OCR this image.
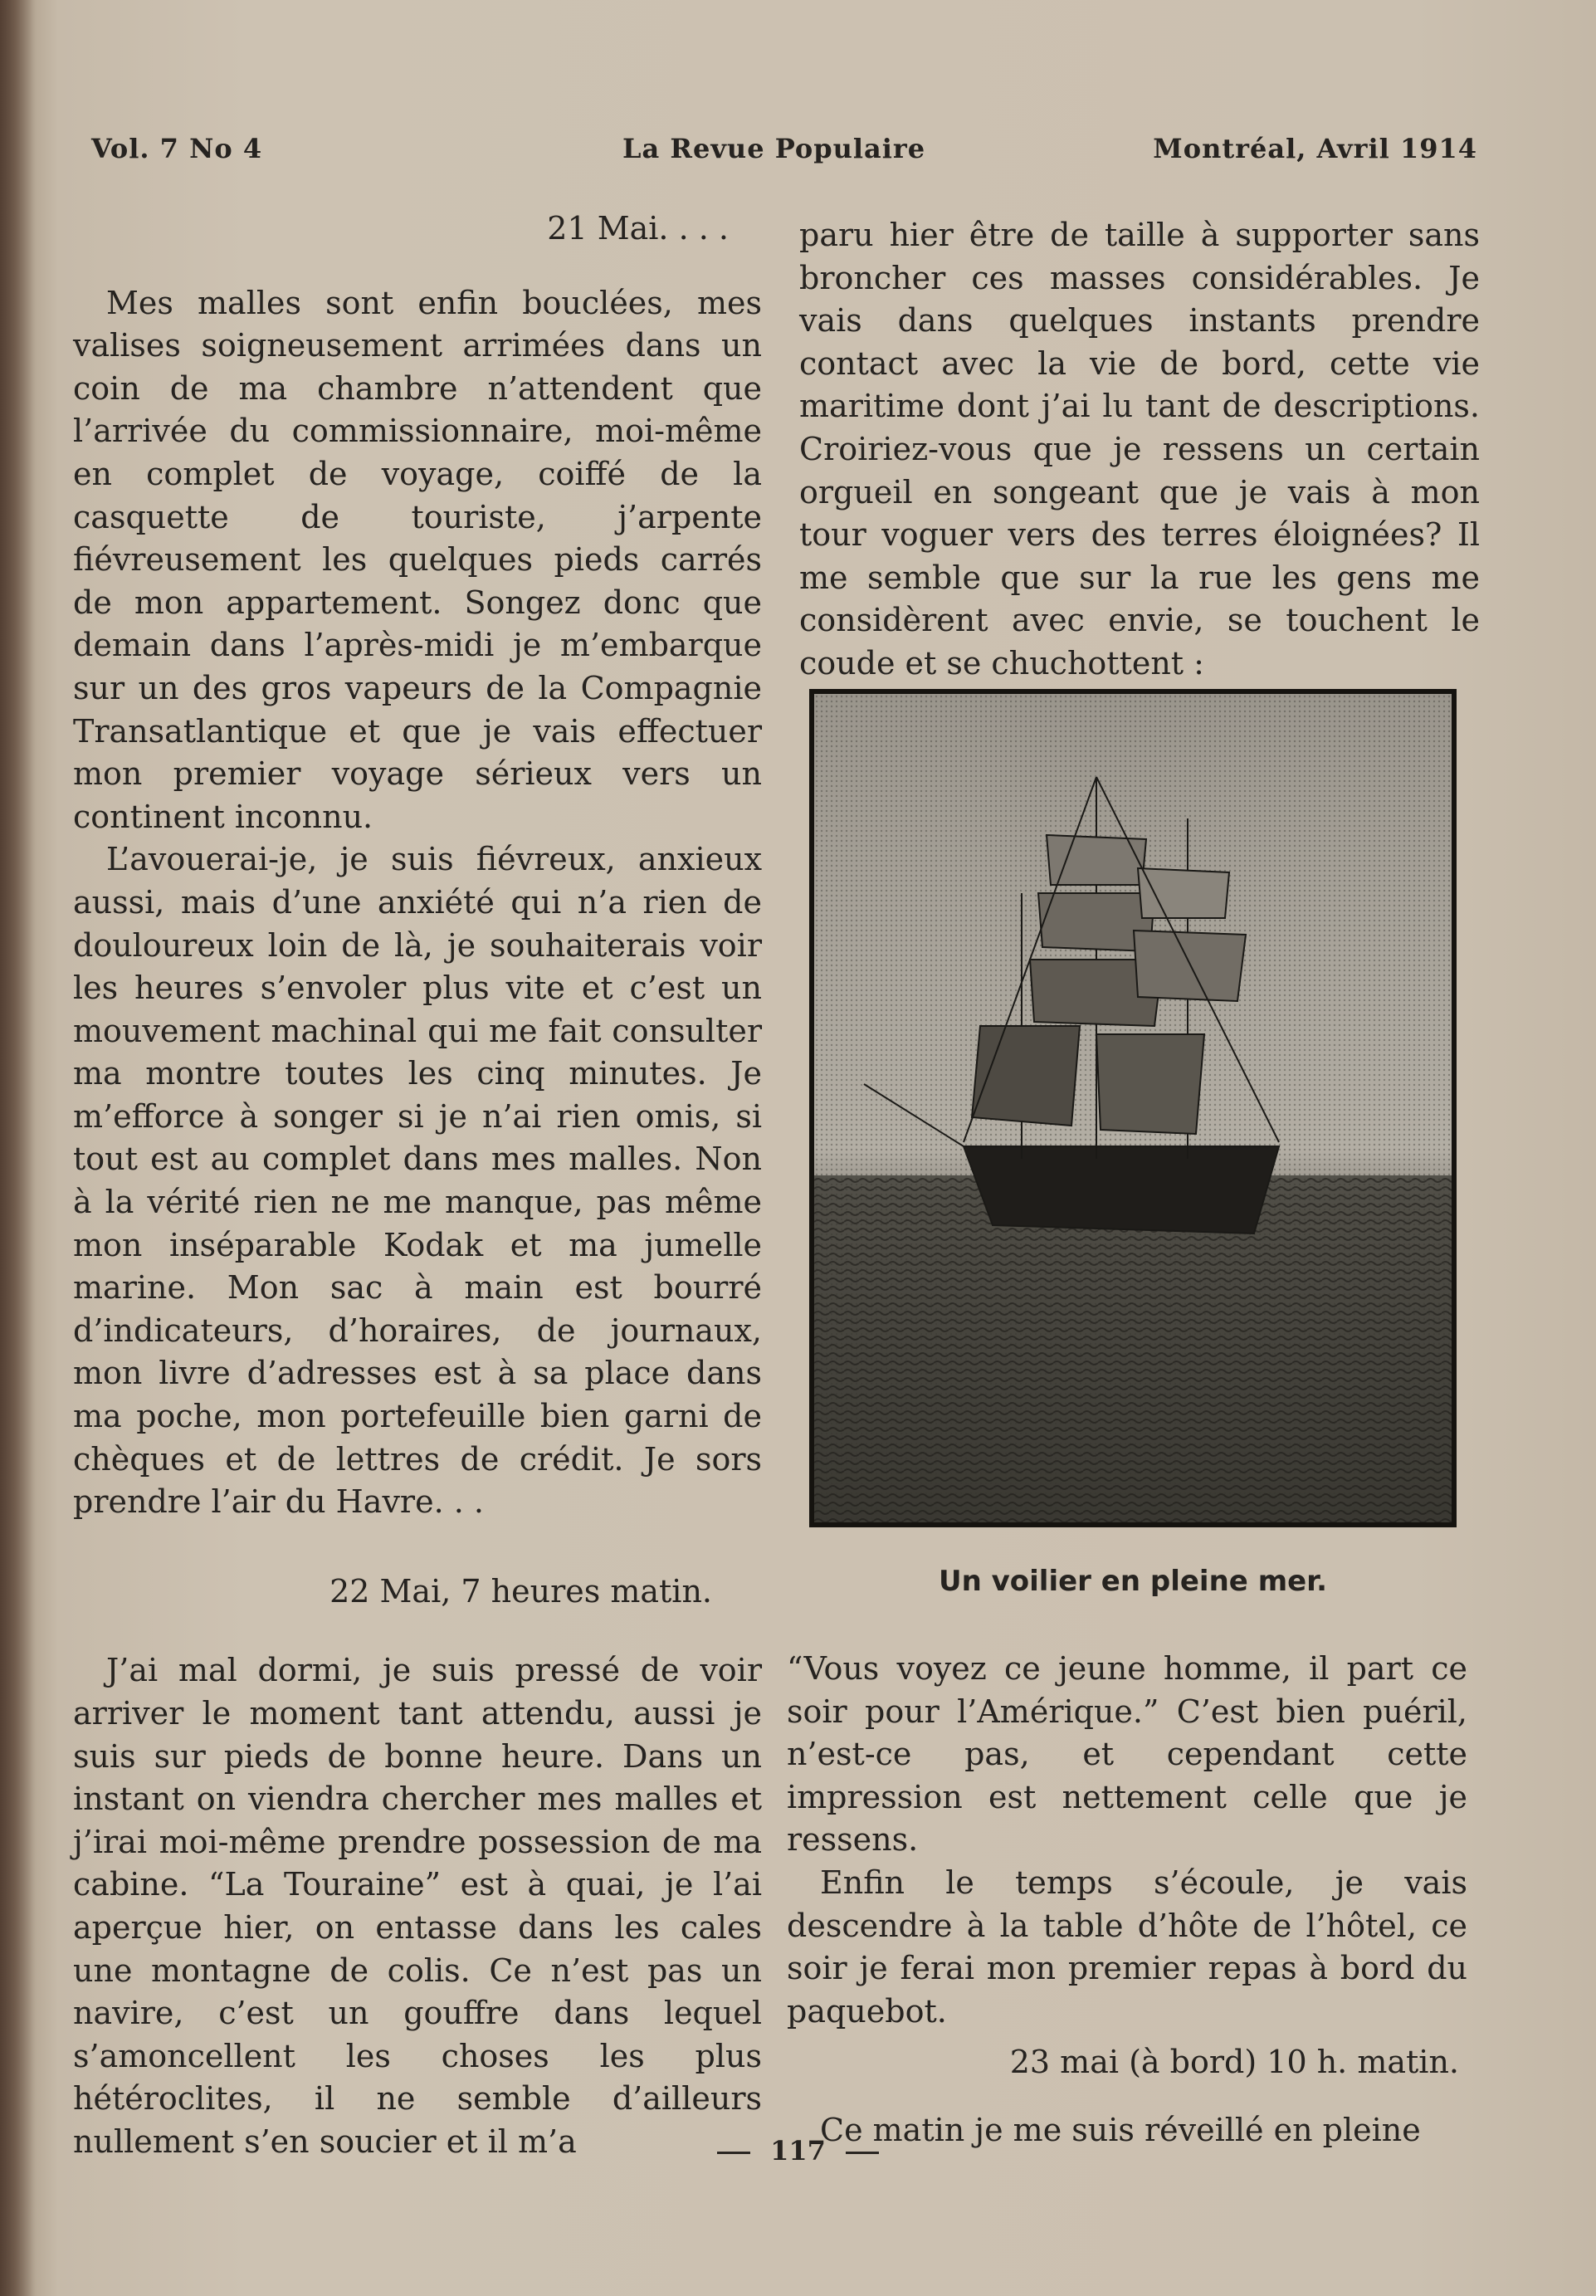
Vol. 7 No 4	La Revue Populaire	Montréal, Avril 1914

21 Mai. . . .

Mes malles sont enfin bouclées, mes valises soigneusement arrimées dans un coin de ma chambre n’attendent que l’arrivée du commissionnaire, moi-même en complet de voyage, coiffé de la casquette de touriste, j’arpente fiévreusement les quelques pieds carrés de mon appartement. Songez donc que demain dans l’après-midi je m’embarque sur un des gros vapeurs de la Compagnie Transatlantique et que je vais effectuer mon premier voyage sérieux vers un continent inconnu.

L’avouerai-je, je suis fiévreux, anxieux aussi, mais d’une anxiété qui n’a rien de douloureux loin de là, je souhaiterais voir les heures s’envoler plus vite et c’est un mouvement machinal qui me fait consulter ma montre toutes les cinq minutes. Je m’efforce à songer si je n’ai rien omis, si tout est au complet dans mes malles. Non à la vérité rien ne me manque, pas même mon inséparable Kodak et ma jumelle marine. Mon sac à main est bourré d’indicateurs, d’horaires, de journaux, mon livre d’adresses est à sa place dans ma poche, mon portefeuille bien garni de chèques et de lettres de crédit. Je sors prendre l’air du Havre. . .

22 Mai, 7 heures matin.

J’ai mal dormi, je suis pressé de voir arriver le moment tant attendu, aussi je suis sur pieds de bonne heure. Dans un instant on viendra chercher mes malles et j’irai moi-même prendre possession de ma cabine. “La Touraine” est à quai, je l’ai aperçue hier, on entasse dans les cales une montagne de colis. Ce n’est pas un navire, c’est un gouffre dans lequel s’amoncellent les choses les plus hétéroclites, il ne semble d’ailleurs nullement s’en soucier et il m’a

paru hier être de taille à supporter sans broncher ces masses considérables. Je vais dans quelques instants prendre contact avec la vie de bord, cette vie maritime dont j’ai lu tant de descriptions. Croiriez-vous que je ressens un certain orgueil en songeant que je vais à mon tour voguer vers des terres éloignées? Il me semble que sur la rue les gens me considèrent avec envie, se touchent le coude et se chuchottent :

Un voilier en pleine mer.

“Vous voyez ce jeune homme, il part ce soir pour l’Amérique.” C’est bien puéril, n’est-ce pas, et cependant cette impression est nettement celle que je ressens.

Enfin le temps s’écoule, je vais descendre à la table d’hôte de l’hôtel, ce soir je ferai mon premier repas à bord du paquebot.

23 mai (à bord) 10 h. matin.

Ce matin je me suis réveillé en pleine

117
